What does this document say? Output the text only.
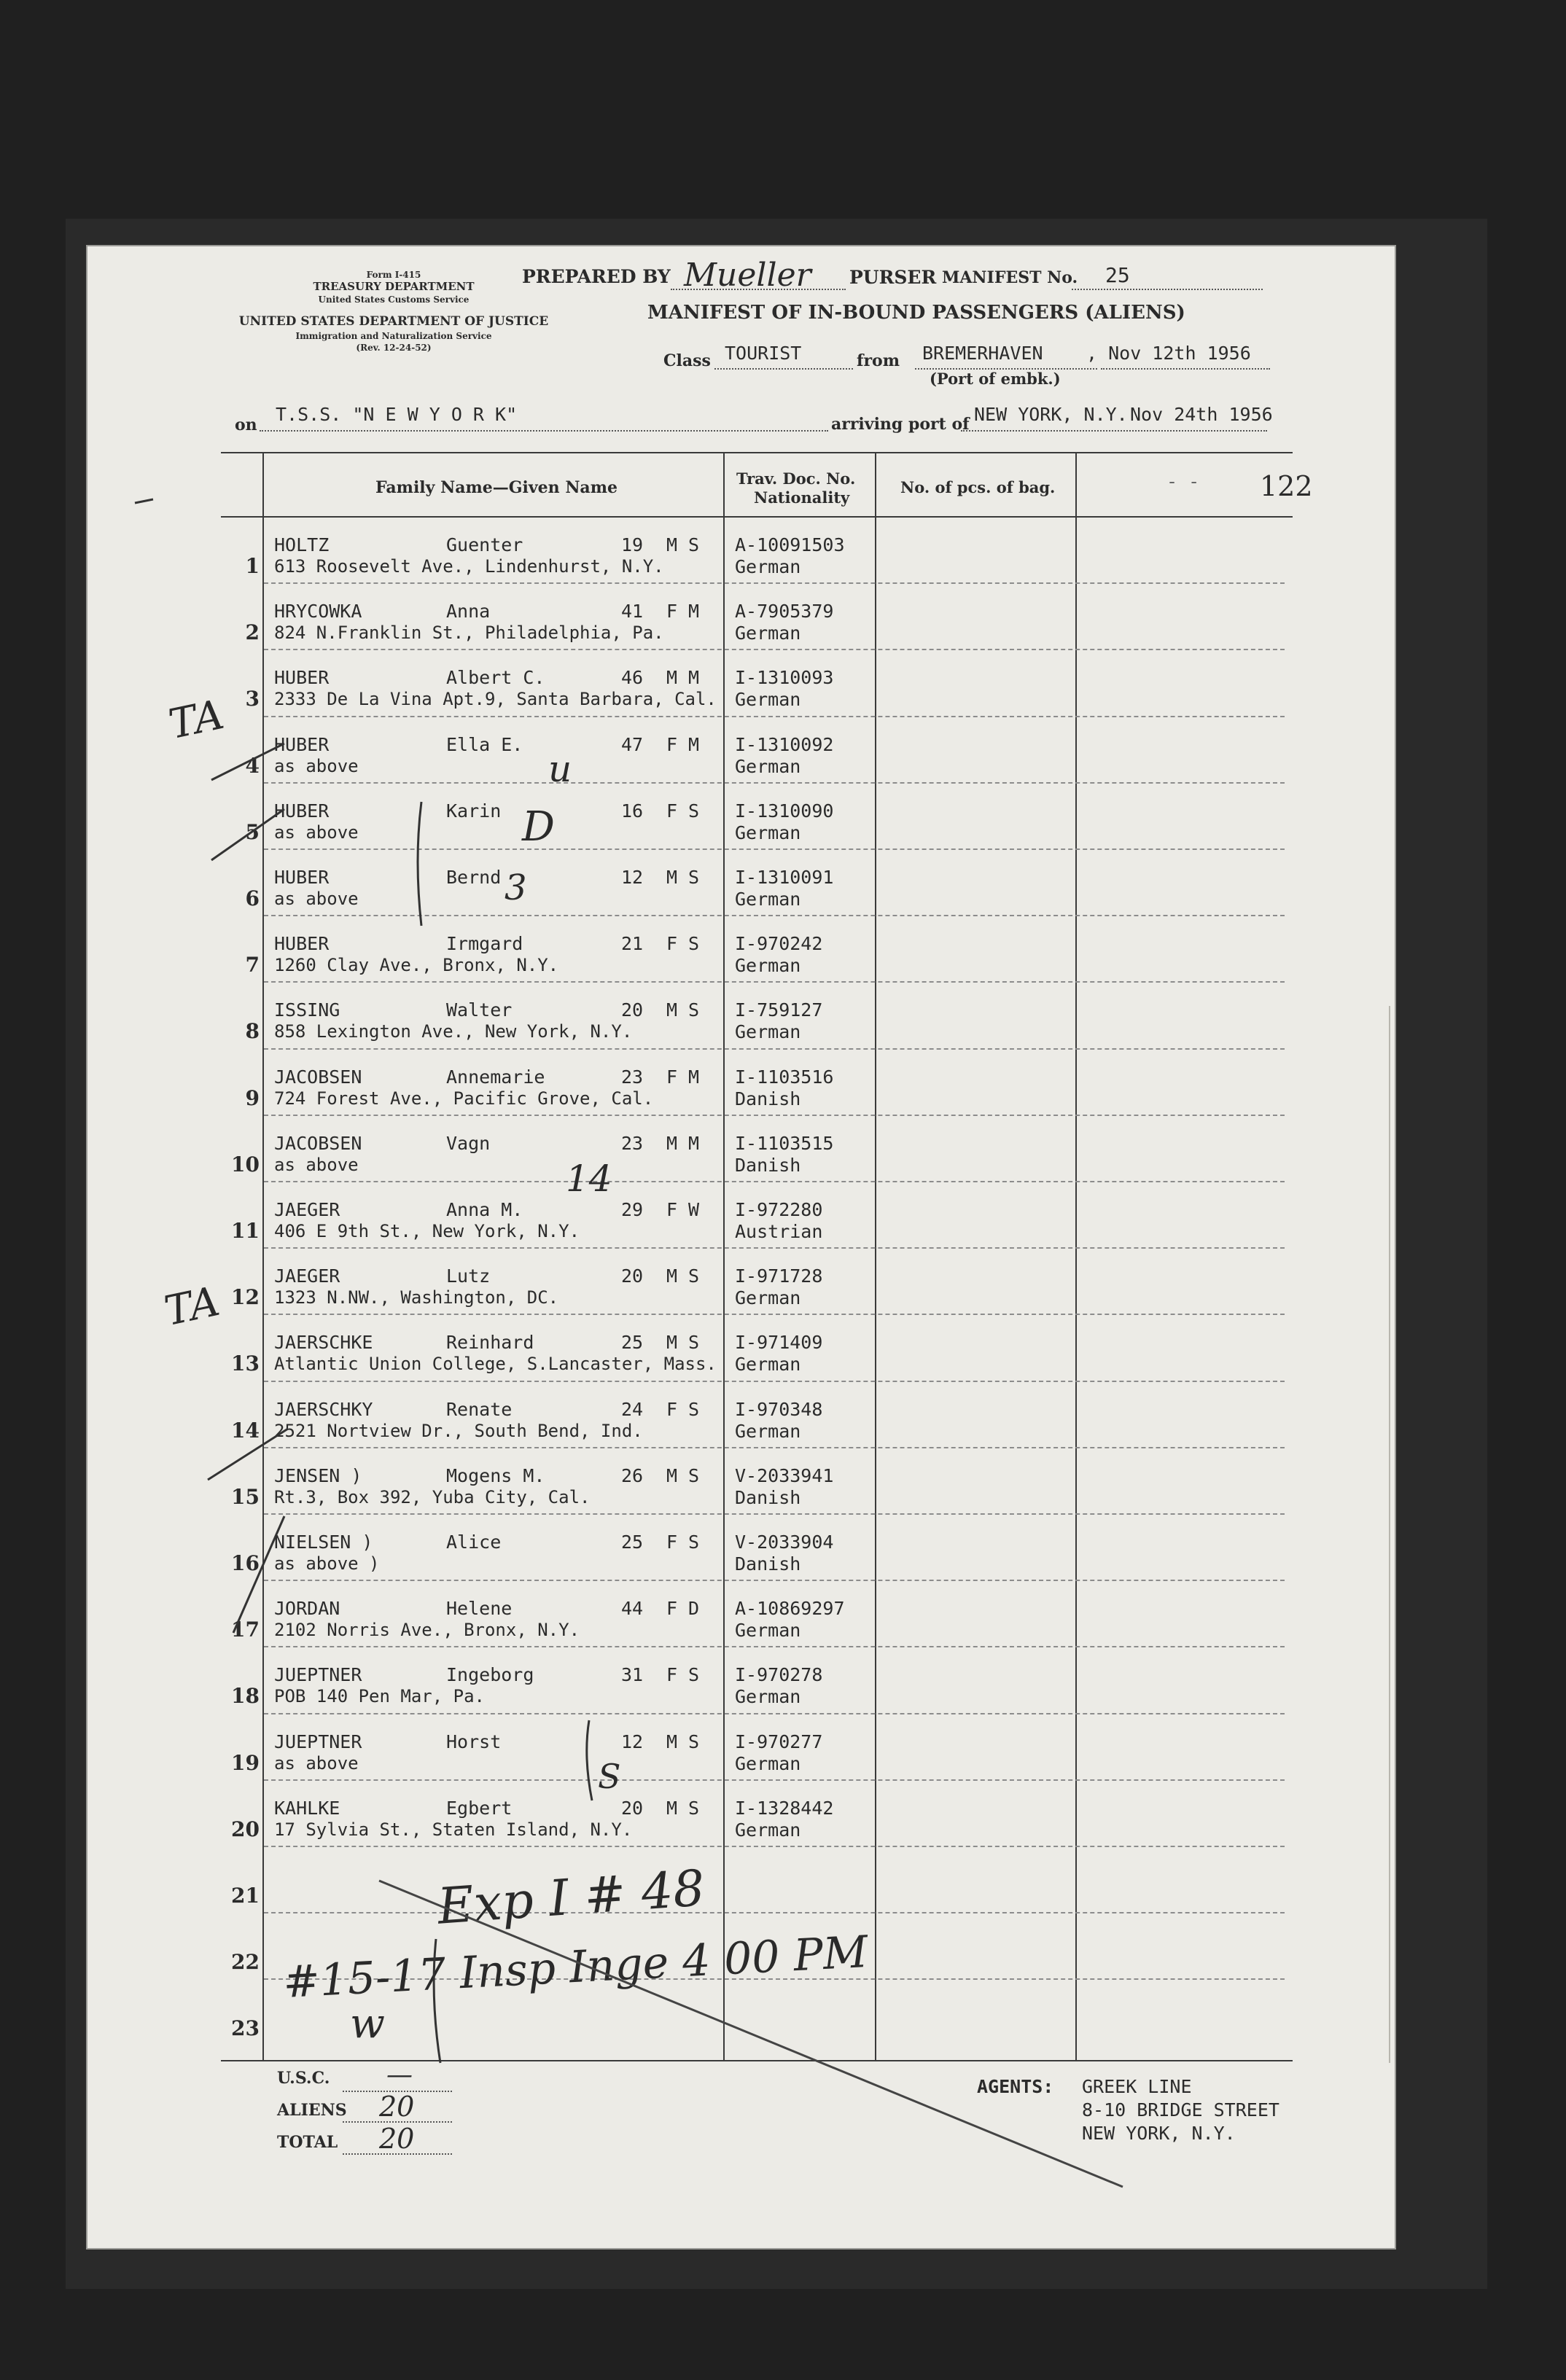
Form I-415
TREASURY DEPARTMENT
United States Customs Service
UNITED STATES DEPARTMENT OF JUSTICE
Immigration and Naturalization Service
(Rev. 12-24-52)
PREPARED BY Mueller PURSER MANIFEST No. 25
MANIFEST OF IN-BOUND PASSENGERS (ALIENS)
Class TOURIST	from BREMERHAVEN , Nov 12th 1956
(Port of embk.)
on T.S.S. "N E W Y O R K"	arriving port of NEW YORK, N.Y. Nov 24th 1956
Family Name—Given Name	Trav. Doc. No.
Nationality
No. of pcs. of bag.	- - 122
1
HOLTZ	Guenter	19 M S
613 Roosevelt Ave., Lindenhurst, N.Y.
A-10091503
German
2
HRYCOWKA	Anna	41 F M
824 N.Franklin St., Philadelphia, Pa.
A-7905379
German
3
HUBER	Albert C.	46 M M
2333 De La Vina Apt.9, Santa Barbara, Cal.
I-1310093
German
4
HUBER	Ella E.	47 F M
as above
I-1310092
German
5
HUBER	Karin	16 F S
as above
I-1310090
German
6
HUBER	Bernd	12 M S
as above
I-1310091
German
7
HUBER	Irmgard	21 F S
1260 Clay Ave., Bronx, N.Y.
I-970242
German
8
ISSING	Walter	20 M S
858 Lexington Ave., New York, N.Y.
I-759127
German
9
JACOBSEN	Annemarie	23 F M
724 Forest Ave., Pacific Grove, Cal.
I-1103516
Danish
10
JACOBSEN	Vagn	23 M M
as above
I-1103515
Danish
11
JAEGER	Anna M.	29 F W
406 E 9th St., New York, N.Y.
I-972280
Austrian
12
JAEGER	Lutz	20 M S
1323 N.NW., Washington, DC.
I-971728
German
13
JAERSCHKE	Reinhard	25 M S
Atlantic Union College, S.Lancaster, Mass.
I-971409
German
14
JAERSCHKY	Renate	24 F S
2521 Nortview Dr., South Bend, Ind.
I-970348
German
15
JENSEN )	Mogens M.	26 M S
Rt.3, Box 392, Yuba City, Cal.
V-2033941
Danish
16
NIELSEN )	Alice	25 F S
as above )
V-2033904
Danish
17
JORDAN	Helene	44 F D
2102 Norris Ave., Bronx, N.Y.
A-10869297
German
18
JUEPTNER	Ingeborg	31 F S
POB 140 Pen Mar, Pa.
I-970278
German
19
JUEPTNER	Horst	12 M S
as above
I-970277
German
20
KAHLKE	Egbert	20 M S
17 Sylvia St., Staten Island, N.Y.
I-1328442
German
21
22
23
TA
TA
u
D
3
14
S
Exp I # 48
#15-17 Insp Inge 4 00 PM
w
U.S.C. —
ALIENS 20
TOTAL 20
AGENTS: GREEK LINE
8-10 BRIDGE STREET
NEW YORK, N.Y.
